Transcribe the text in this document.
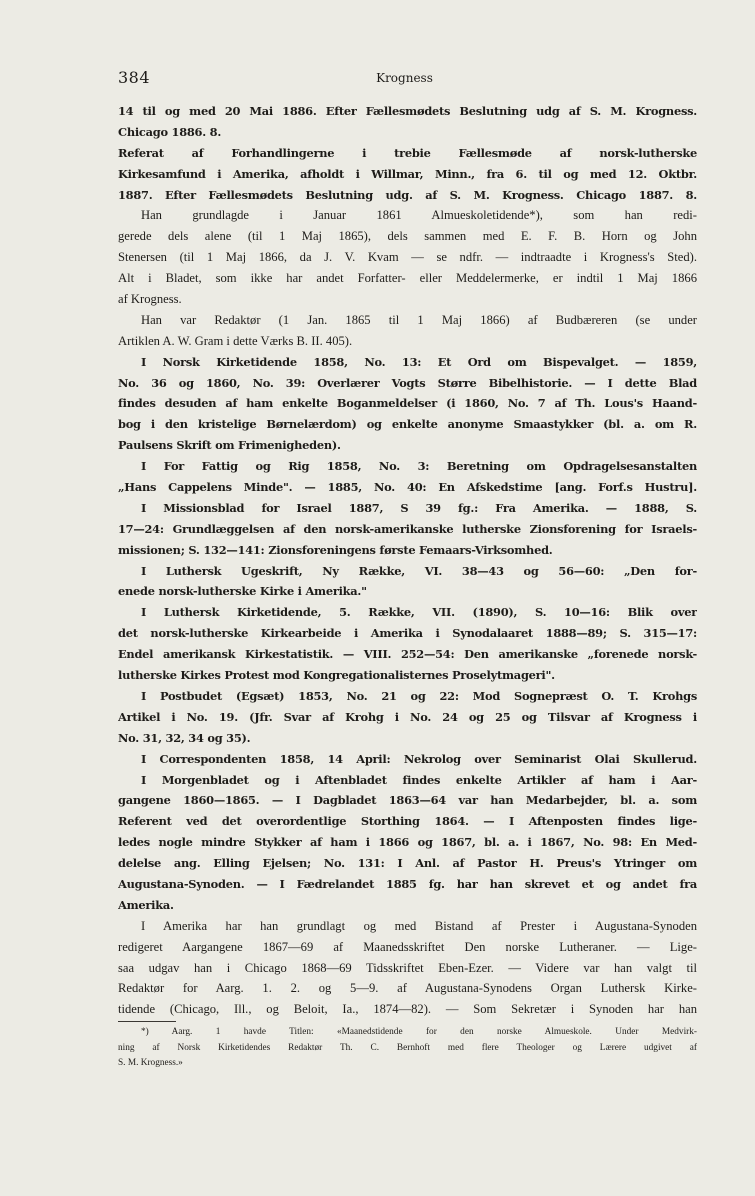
384	Krogness
14 til og med 20 Mai 1886. Efter Fællesmødets Beslutning udg af S. M. Krogness.
Chicago 1886. 8.
Referat af Forhandlingerne i trebie Fællesmøde af norsk-lutherske
Kirkesamfund i Amerika, afholdt i Willmar, Minn., fra 6. til og med 12. Oktbr.
1887. Efter Fællesmødets Beslutning udg. af S. M. Krogness. Chicago 1887. 8.
Han grundlagde i Januar 1861 Almueskoletidende*), som han redi-
gerede dels alene (til 1 Maj 1865), dels sammen med E. F. B. Horn og John
Stenersen (til 1 Maj 1866, da J. V. Kvam — se ndfr. — indtraadte i Krogness's Sted).
Alt i Bladet, som ikke har andet Forfatter- eller Meddelermerke, er indtil 1 Maj 1866
af Krogness.
Han var Redaktør (1 Jan. 1865 til 1 Maj 1866) af Budbæreren (se under
Artiklen A. W. Gram i dette Værks B. II. 405).
I Norsk Kirketidende 1858, No. 13: Et Ord om Bispevalget. — 1859,
No. 36 og 1860, No. 39: Overlærer Vogts Større Bibelhistorie. — I dette Blad
findes desuden af ham enkelte Boganmeldelser (i 1860, No. 7 af Th. Lous's Haand-
bog i den kristelige Børnelærdom) og enkelte anonyme Smaastykker (bl. a. om R.
Paulsens Skrift om Frimenigheden).
I For Fattig og Rig 1858, No. 3: Beretning om Opdragelsesanstalten
„Hans Cappelens Minde". — 1885, No. 40: En Afskedstime [ang. Forf.s Hustru].
I Missionsblad for Israel 1887, S 39 fg.: Fra Amerika. — 1888, S.
17—24: Grundlæggelsen af den norsk-amerikanske lutherske Zionsforening for Israels-
missionen; S. 132—141: Zionsforeningens første Femaars-Virksomhed.
I Luthersk Ugeskrift, Ny Række, VI. 38—43 og 56—60: „Den for-
enede norsk-lutherske Kirke i Amerika."
I Luthersk Kirketidende, 5. Række, VII. (1890), S. 10—16: Blik over
det norsk-lutherske Kirkearbeide i Amerika i Synodalaaret 1888—89; S. 315—17:
Endel amerikansk Kirkestatistik. — VIII. 252—54: Den amerikanske „forenede norsk-
lutherske Kirkes Protest mod Kongregationalisternes Proselytmageri".
I Postbudet (Egsæt) 1853, No. 21 og 22: Mod Sognepræst O. T. Krohgs
Artikel i No. 19. (Jfr. Svar af Krohg i No. 24 og 25 og Tilsvar af Krogness i
No. 31, 32, 34 og 35).
I Correspondenten 1858, 14 April: Nekrolog over Seminarist Olai Skullerud.
I Morgenbladet og i Aftenbladet findes enkelte Artikler af ham i Aar-
gangene 1860—1865. — I Dagbladet 1863—64 var han Medarbejder, bl. a. som
Referent ved det overordentlige Storthing 1864. — I Aftenposten findes lige-
ledes nogle mindre Stykker af ham i 1866 og 1867, bl. a. i 1867, No. 98: En Med-
delelse ang. Elling Ejelsen; No. 131: I Anl. af Pastor H. Preus's Ytringer om
Augustana-Synoden. — I Fædrelandet 1885 fg. har han skrevet et og andet fra
Amerika.
I Amerika har han grundlagt og med Bistand af Prester i Augustana-Synoden
redigeret Aargangene 1867—69 af Maanedsskriftet Den norske Lutheraner. — Lige-
saa udgav han i Chicago 1868—69 Tidsskriftet Eben-Ezer. — Videre var han valgt til
Redaktør for Aarg. 1. 2. og 5—9. af Augustana-Synodens Organ Luthersk Kirke-
tidende (Chicago, Ill., og Beloit, Ia., 1874—82). — Som Sekretær i Synoden har han
*) Aarg. 1 havde Titlen: «Maanedstidende for den norske Almueskole. Under Medvirk-
ning af Norsk Kirketidendes Redaktør Th. C. Bernhoft med flere Theologer og Lærere udgivet af
S. M. Krogness.»
